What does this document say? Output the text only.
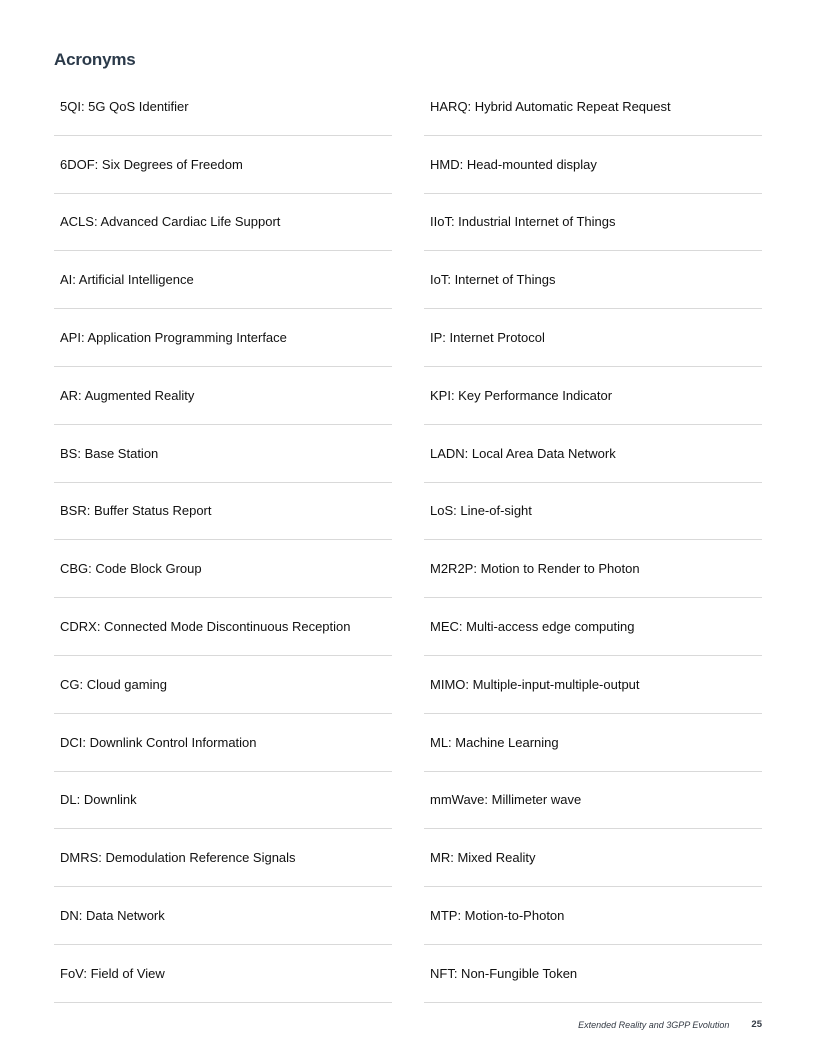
Acronyms
5QI: 5G QoS Identifier
6DOF: Six Degrees of Freedom
ACLS: Advanced Cardiac Life Support
AI: Artificial Intelligence
API: Application Programming Interface
AR: Augmented Reality
BS: Base Station
BSR: Buffer Status Report
CBG: Code Block Group
CDRX: Connected Mode Discontinuous Reception
CG: Cloud gaming
DCI: Downlink Control Information
DL: Downlink
DMRS: Demodulation Reference Signals
DN: Data Network
FoV: Field of View
HARQ: Hybrid Automatic Repeat Request
HMD: Head-mounted display
IIoT: Industrial Internet of Things
IoT: Internet of Things
IP: Internet Protocol
KPI: Key Performance Indicator
LADN: Local Area Data Network
LoS: Line-of-sight
M2R2P: Motion to Render to Photon
MEC: Multi-access edge computing
MIMO: Multiple-input-multiple-output
ML: Machine Learning
mmWave: Millimeter wave
MR: Mixed Reality
MTP: Motion-to-Photon
NFT: Non-Fungible Token
Extended Reality and 3GPP Evolution 25
